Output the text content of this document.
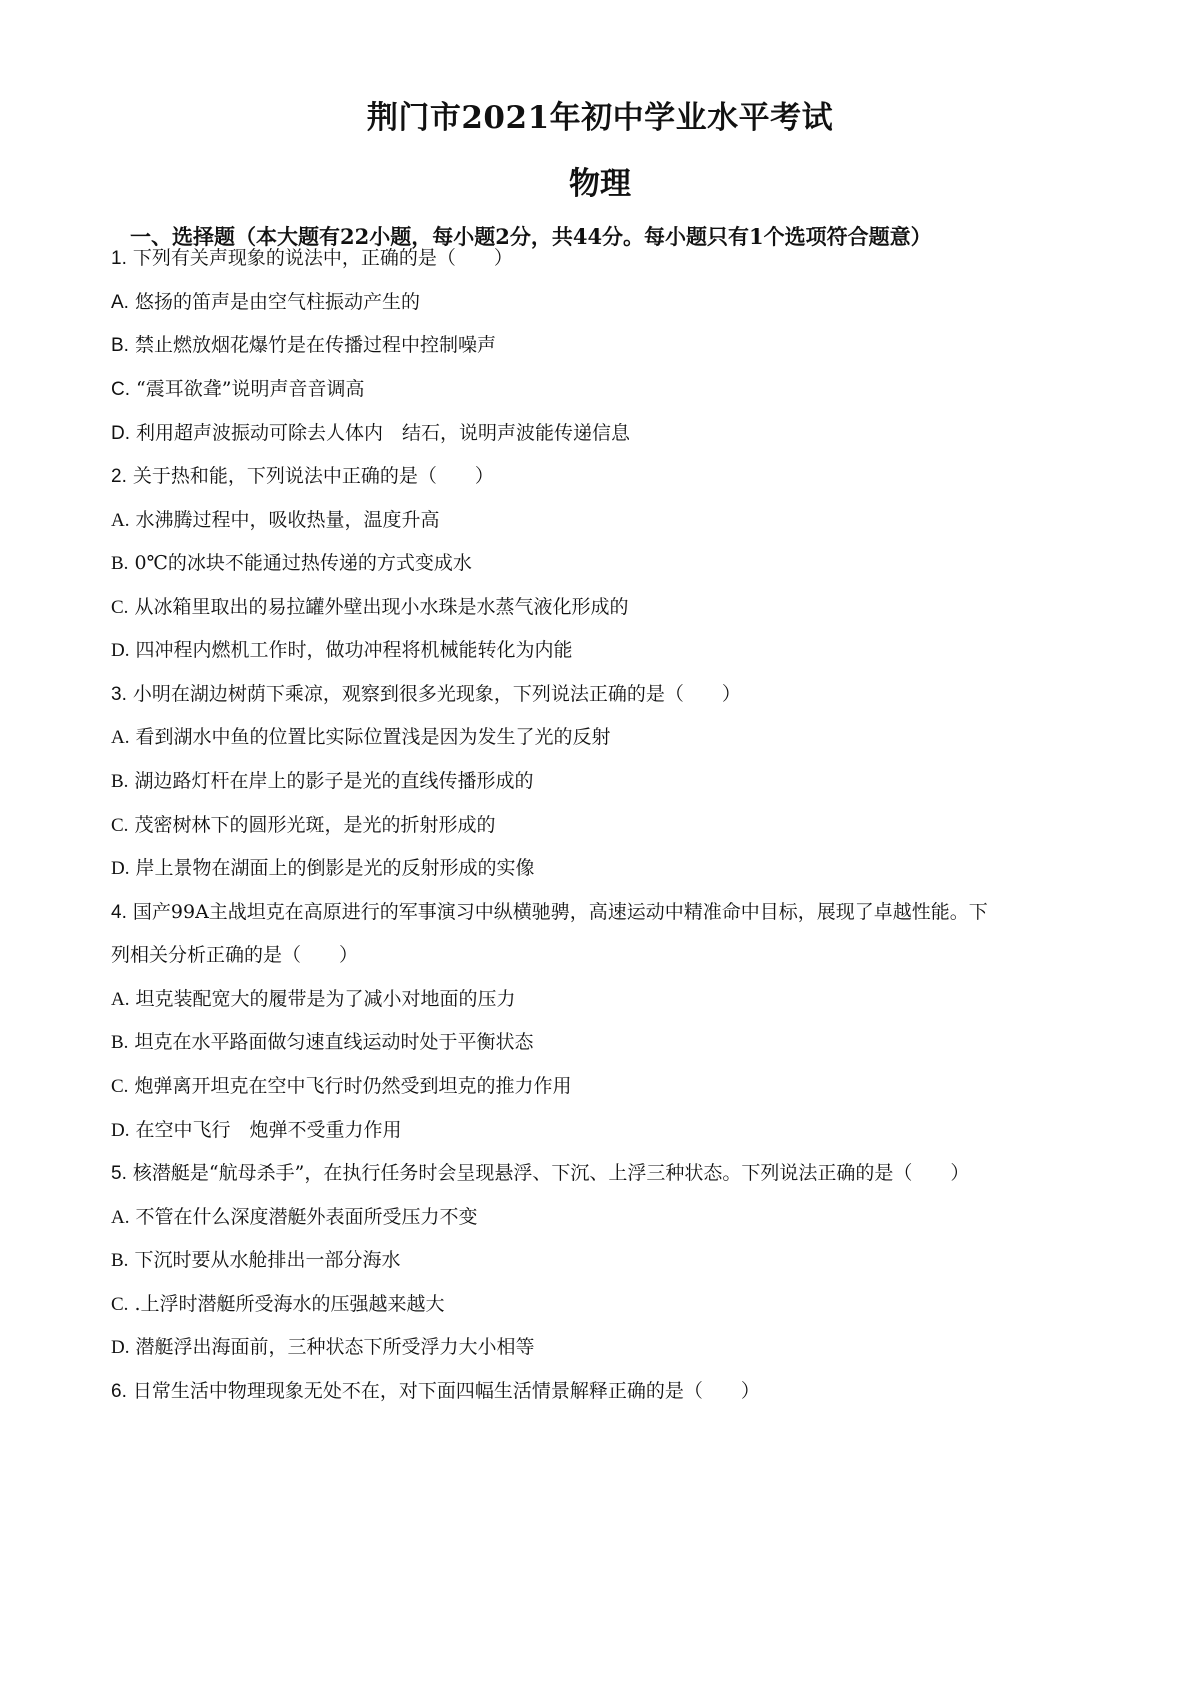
荆门市2021年初中学业水平考试
物理
一、选择题（本大题有22小题，每小题2分，共44分。每小题只有1个选项符合题意）
1. 下列有关声现象的说法中，正确的是（　　）
A. 悠扬的笛声是由空气柱振动产生的
B. 禁止燃放烟花爆竹是在传播过程中控制噪声
C. “震耳欲聋”说明声音音调高
D. 利用超声波振动可除去人体内　结石，说明声波能传递信息
2. 关于热和能，下列说法中正确的是（　　）
A. 水沸腾过程中，吸收热量，温度升高
B. 0℃的冰块不能通过热传递的方式变成水
C. 从冰箱里取出的易拉罐外壁出现小水珠是水蒸气液化形成的
D. 四冲程内燃机工作时，做功冲程将机械能转化为内能
3. 小明在湖边树荫下乘凉，观察到很多光现象，下列说法正确的是（　　）
A. 看到湖水中鱼的位置比实际位置浅是因为发生了光的反射
B. 湖边路灯杆在岸上的影子是光的直线传播形成的
C. 茂密树林下的圆形光斑，是光的折射形成的
D. 岸上景物在湖面上的倒影是光的反射形成的实像
4. 国产99A主战坦克在高原进行的军事演习中纵横驰骋，高速运动中精准命中目标，展现了卓越性能。下
列相关分析正确的是（　　）
A. 坦克装配宽大的履带是为了减小对地面的压力
B. 坦克在水平路面做匀速直线运动时处于平衡状态
C. 炮弹离开坦克在空中飞行时仍然受到坦克的推力作用
D. 在空中飞行　炮弹不受重力作用
5. 核潜艇是“航母杀手”，在执行任务时会呈现悬浮、下沉、上浮三种状态。下列说法正确的是（　　）
A. 不管在什么深度潜艇外表面所受压力不变
B. 下沉时要从水舱排出一部分海水
C. .上浮时潜艇所受海水的压强越来越大
D. 潜艇浮出海面前，三种状态下所受浮力大小相等
6. 日常生活中物理现象无处不在，对下面四幅生活情景解释正确的是（　　）
